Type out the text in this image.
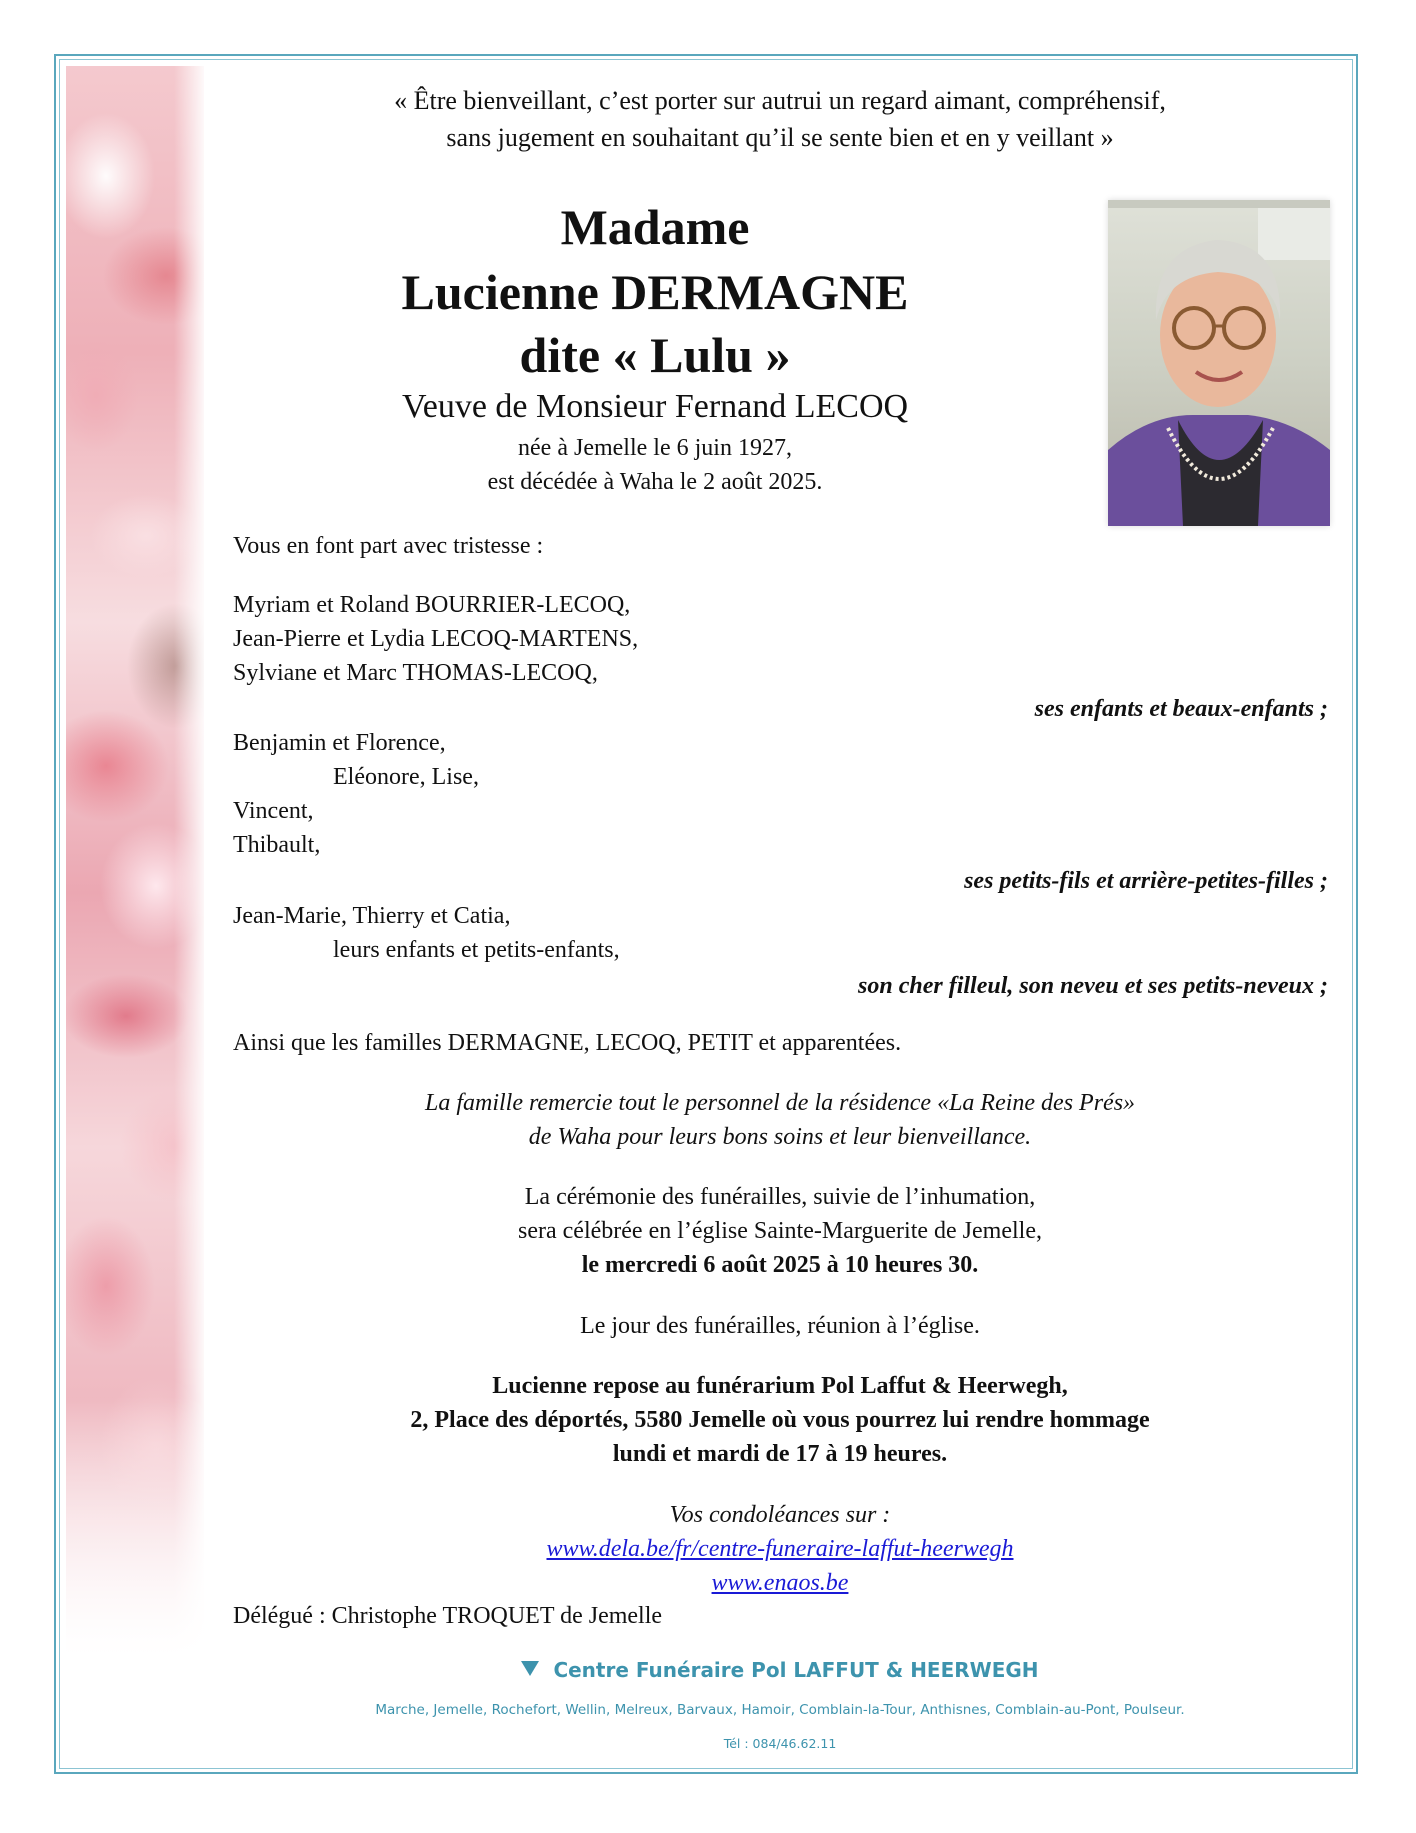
« Être bienveillant, c’est porter sur autrui un regard aimant, compréhensif,
sans jugement en souhaitant qu’il se sente bien et en y veillant »
Madame
Lucienne DERMAGNE
dite « Lulu »
Veuve de Monsieur Fernand LECOQ
née à Jemelle le 6 juin 1927,
est décédée à Waha le 2 août 2025.
Vous en font part avec tristesse :
Myriam et Roland BOURRIER-LECOQ,
Jean-Pierre et Lydia LECOQ-MARTENS,
Sylviane et Marc THOMAS-LECOQ,
ses enfants et beaux-enfants ;
Benjamin et Florence,
Eléonore, Lise,
Vincent,
Thibault,
ses petits-fils et arrière-petites-filles ;
Jean-Marie, Thierry et Catia,
leurs enfants et petits-enfants,
son cher filleul, son neveu et ses petits-neveux ;
Ainsi que les familles DERMAGNE, LECOQ, PETIT et apparentées.
La famille remercie tout le personnel de la résidence «La Reine des Prés»
de Waha pour leurs bons soins et leur bienveillance.
La cérémonie des funérailles, suivie de l’inhumation,
sera célébrée en l’église Sainte-Marguerite de Jemelle,
le mercredi 6 août 2025 à 10 heures 30.
Le jour des funérailles, réunion à l’église.
Lucienne repose au funérarium Pol Laffut & Heerwegh,
2, Place des déportés, 5580 Jemelle où vous pourrez lui rendre hommage
lundi et mardi de 17 à 19 heures.
Vos condoléances sur :
www.dela.be/fr/centre-funeraire-laffut-heerwegh
www.enaos.be
Délégué : Christophe TROQUET de Jemelle
Centre Funéraire Pol LAFFUT & HEERWEGH
Marche, Jemelle, Rochefort, Wellin, Melreux, Barvaux, Hamoir, Comblain-la-Tour, Anthisnes, Comblain-au-Pont, Poulseur.
Tél : 084/46.62.11
